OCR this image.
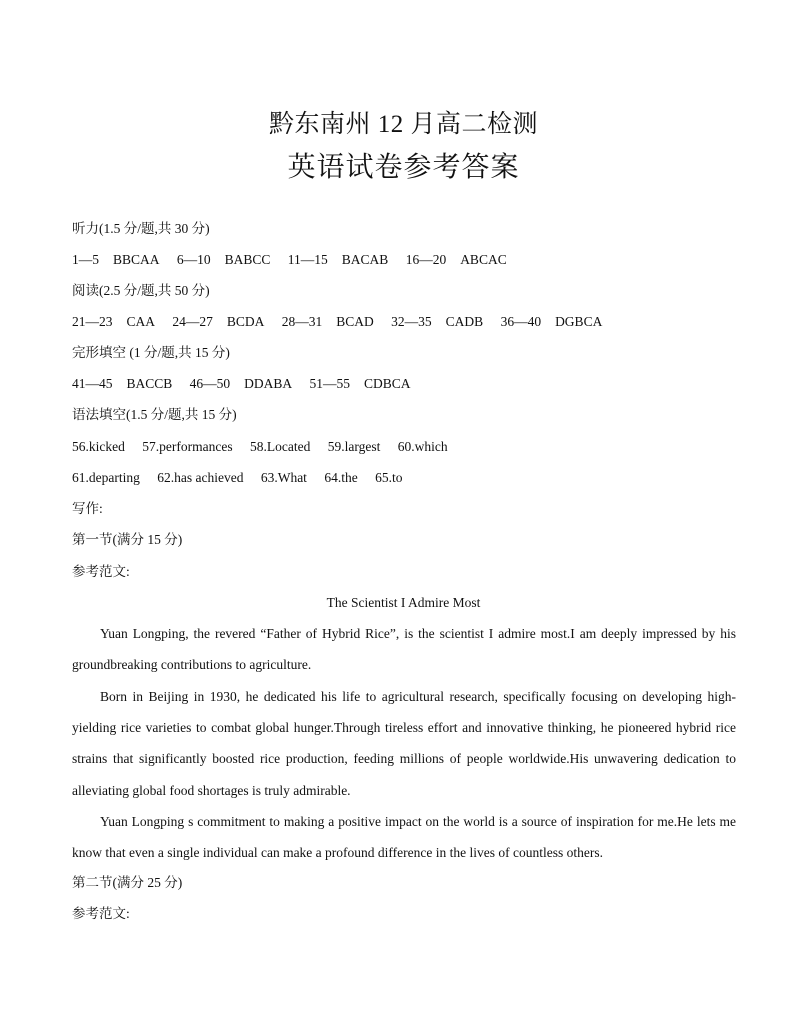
黔东南州 12 月高二检测
英语试卷参考答案
听力(1.5 分/题,共 30 分)
1—5 BBCAA 6—10 BABCC 11—15 BACAB 16—20 ABCAC
阅读(2.5 分/题,共 50 分)
21—23 CAA 24—27 BCDA 28—31 BCAD 32—35 CADB 36—40 DGBCA
完形填空 (1 分/题,共 15 分)
41—45 BACCB 46—50 DDABA 51—55 CDBCA
语法填空(1.5 分/题,共 15 分)
56.kicked 57.performances 58.Located 59.largest 60.which
61.departing 62.has achieved 63.What 64.the 65.to
写作:
第一节(满分 15 分)
参考范文:
The Scientist I Admire Most
Yuan Longping, the revered “Father of Hybrid Rice”, is the scientist I admire most.I am deeply impressed by his groundbreaking contributions to agriculture.
Born in Beijing in 1930, he dedicated his life to agricultural research, specifically focusing on developing high-yielding rice varieties to combat global hunger.Through tireless effort and innovative thinking, he pioneered hybrid rice strains that significantly boosted rice production, feeding millions of people worldwide.His unwavering dedication to alleviating global food shortages is truly admirable.
Yuan Longping s commitment to making a positive impact on the world is a source of inspiration for me.He lets me know that even a single individual can make a profound difference in the lives of countless others.
第二节(满分 25 分)
参考范文:
